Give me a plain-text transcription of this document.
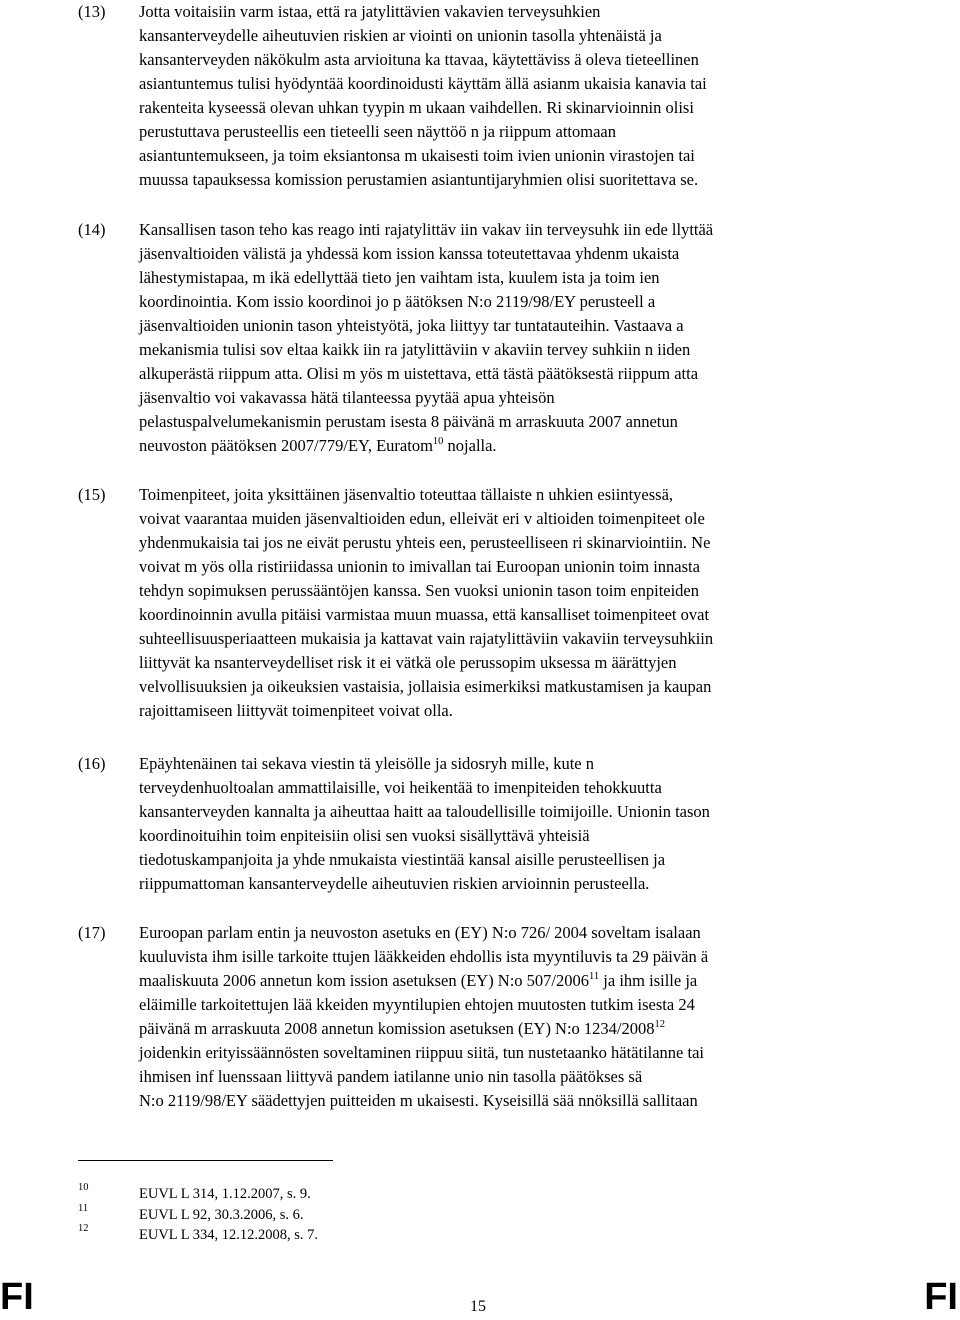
(13) Jotta voitaisiin varm istaa, että ra jatylittävien vakavien terveysuhkien
kansanterveydelle aiheutuvien riskien ar viointi on unionin tasolla yhtenäistä ja
kansanterveyden näkökulm asta arvioituna ka ttavaa, käytettäviss ä oleva tieteellinen
asiantuntemus tulisi hyödyntää koordinoidusti käyttäm ällä asianm ukaisia kanavia tai
rakenteita kyseessä olevan uhkan tyypin m ukaan vaihdellen. Ri skinarvioinnin olisi
perustuttava perusteellis een tieteelli seen näyttöö n ja riippum attomaan
asiantuntemukseen, ja toim eksiantonsa m ukaisesti toim ivien unionin virastojen tai
muussa tapauksessa komission perustamien asiantuntijaryhmien olisi suoritettava se.
(14) Kansallisen tason teho kas reago inti rajatylittäv iin vakav iin terveysuhk iin ede llyttää
jäsenvaltioiden välistä ja yhdessä kom ission kanssa toteutettavaa yhdenm ukaista
lähestymistapaa, m ikä edellyttää tieto jen vaihtam ista, kuulem ista ja toim ien
koordinointia. Kom issio koordinoi jo p äätöksen N:o 2119/98/EY perusteell a
jäsenvaltioiden unionin tason yhteistyötä, joka liittyy tar tuntatauteihin. Vastaava a
mekanismia tulisi sov eltaa kaikk iin ra jatylittäviin v akaviin tervey suhkiin n iiden
alkuperästä riippum atta. Olisi m yös m uistettava, että tästä päätöksestä riippum atta
jäsenvaltio voi vakavassa hätä tilanteessa pyytää apua yhteisön
pelastuspalvelumekanismin perustam isesta 8 päivänä m arraskuuta 2007 annetun
neuvoston päätöksen 2007/779/EY, Euratom$^{10}$ nojalla.
(15) Toimenpiteet, joita yksittäinen jäsenvaltio toteuttaa tällaiste n uhkien esiintyessä,
voivat vaarantaa muiden jäsenvaltioiden edun, elleivät eri v altioiden toimenpiteet ole
yhdenmukaisia tai jos ne eivät perustu yhteis een, perusteelliseen ri skinarviointiin. Ne
voivat m yös olla ristiriidassa unionin to imivallan tai Euroopan unionin toim innasta
tehdyn sopimuksen perussääntöjen kanssa. Sen vuoksi unionin tason toim enpiteiden
koordinoinnin avulla pitäisi varmistaa muun muassa, että kansalliset toimenpiteet ovat
suhteellisuusperiaatteen mukaisia ja kattavat vain rajatylittäviin vakaviin terveysuhkiin
liittyvät ka nsanterveydelliset risk it ei vätkä ole perussopim uksessa m äärättyjen
velvollisuuksien ja oikeuksien vastaisia, jollaisia esimerkiksi matkustamisen ja kaupan
rajoittamiseen liittyvät toimenpiteet voivat olla.
(16) Epäyhtenäinen tai sekava viestin tä yleisölle ja sidosryh mille, kute n
terveydenhuoltoalan ammattilaisille, voi heikentää to imenpiteiden tehokkuutta
kansanterveyden kannalta ja aiheuttaa haitt aa taloudellisille toimijoille. Unionin tason
koordinoituihin toim enpiteisiin olisi sen vuoksi sisällyttävä yhteisiä
tiedotuskampanjoita ja yhde nmukaista viestintää kansal aisille perusteellisen ja
riippumattoman kansanterveydelle aiheutuvien riskien arvioinnin perusteella.
(17) Euroopan parlam entin ja neuvoston asetuks en (EY) N:o 726/ 2004 soveltam isalaan
kuuluvista ihm isille tarkoite ttujen lääkkeiden ehdollis ista myyntiluvis ta 29 päivän ä
maaliskuuta 2006 annetun kom ission asetuksen (EY) N:o 507/2006$^{11}$ ja ihm isille ja
eläimille tarkoitettujen lää kkeiden myyntilupien ehtojen muutosten tutkim isesta 24
päivänä m arraskuuta 2008 annetun komission asetuksen (EY) N:o 1234/2008$^{12}$
joidenkin erityissäännösten soveltaminen riippuu siitä, tun nustetaanko hätätilanne tai
ihmisen inf luenssaan liittyvä pandem iatilanne unio nin tasolla päätökses sä
N:o 2119/98/EY säädettyjen puitteiden m ukaisesti. Kyseisillä sää nnöksillä sallitaan
10	EUVL L 314, 1.12.2007, s. 9.
11	EUVL L 92, 30.3.2006, s. 6.
12	EUVL L 334, 12.12.2008, s. 7.
FI	15	FI
